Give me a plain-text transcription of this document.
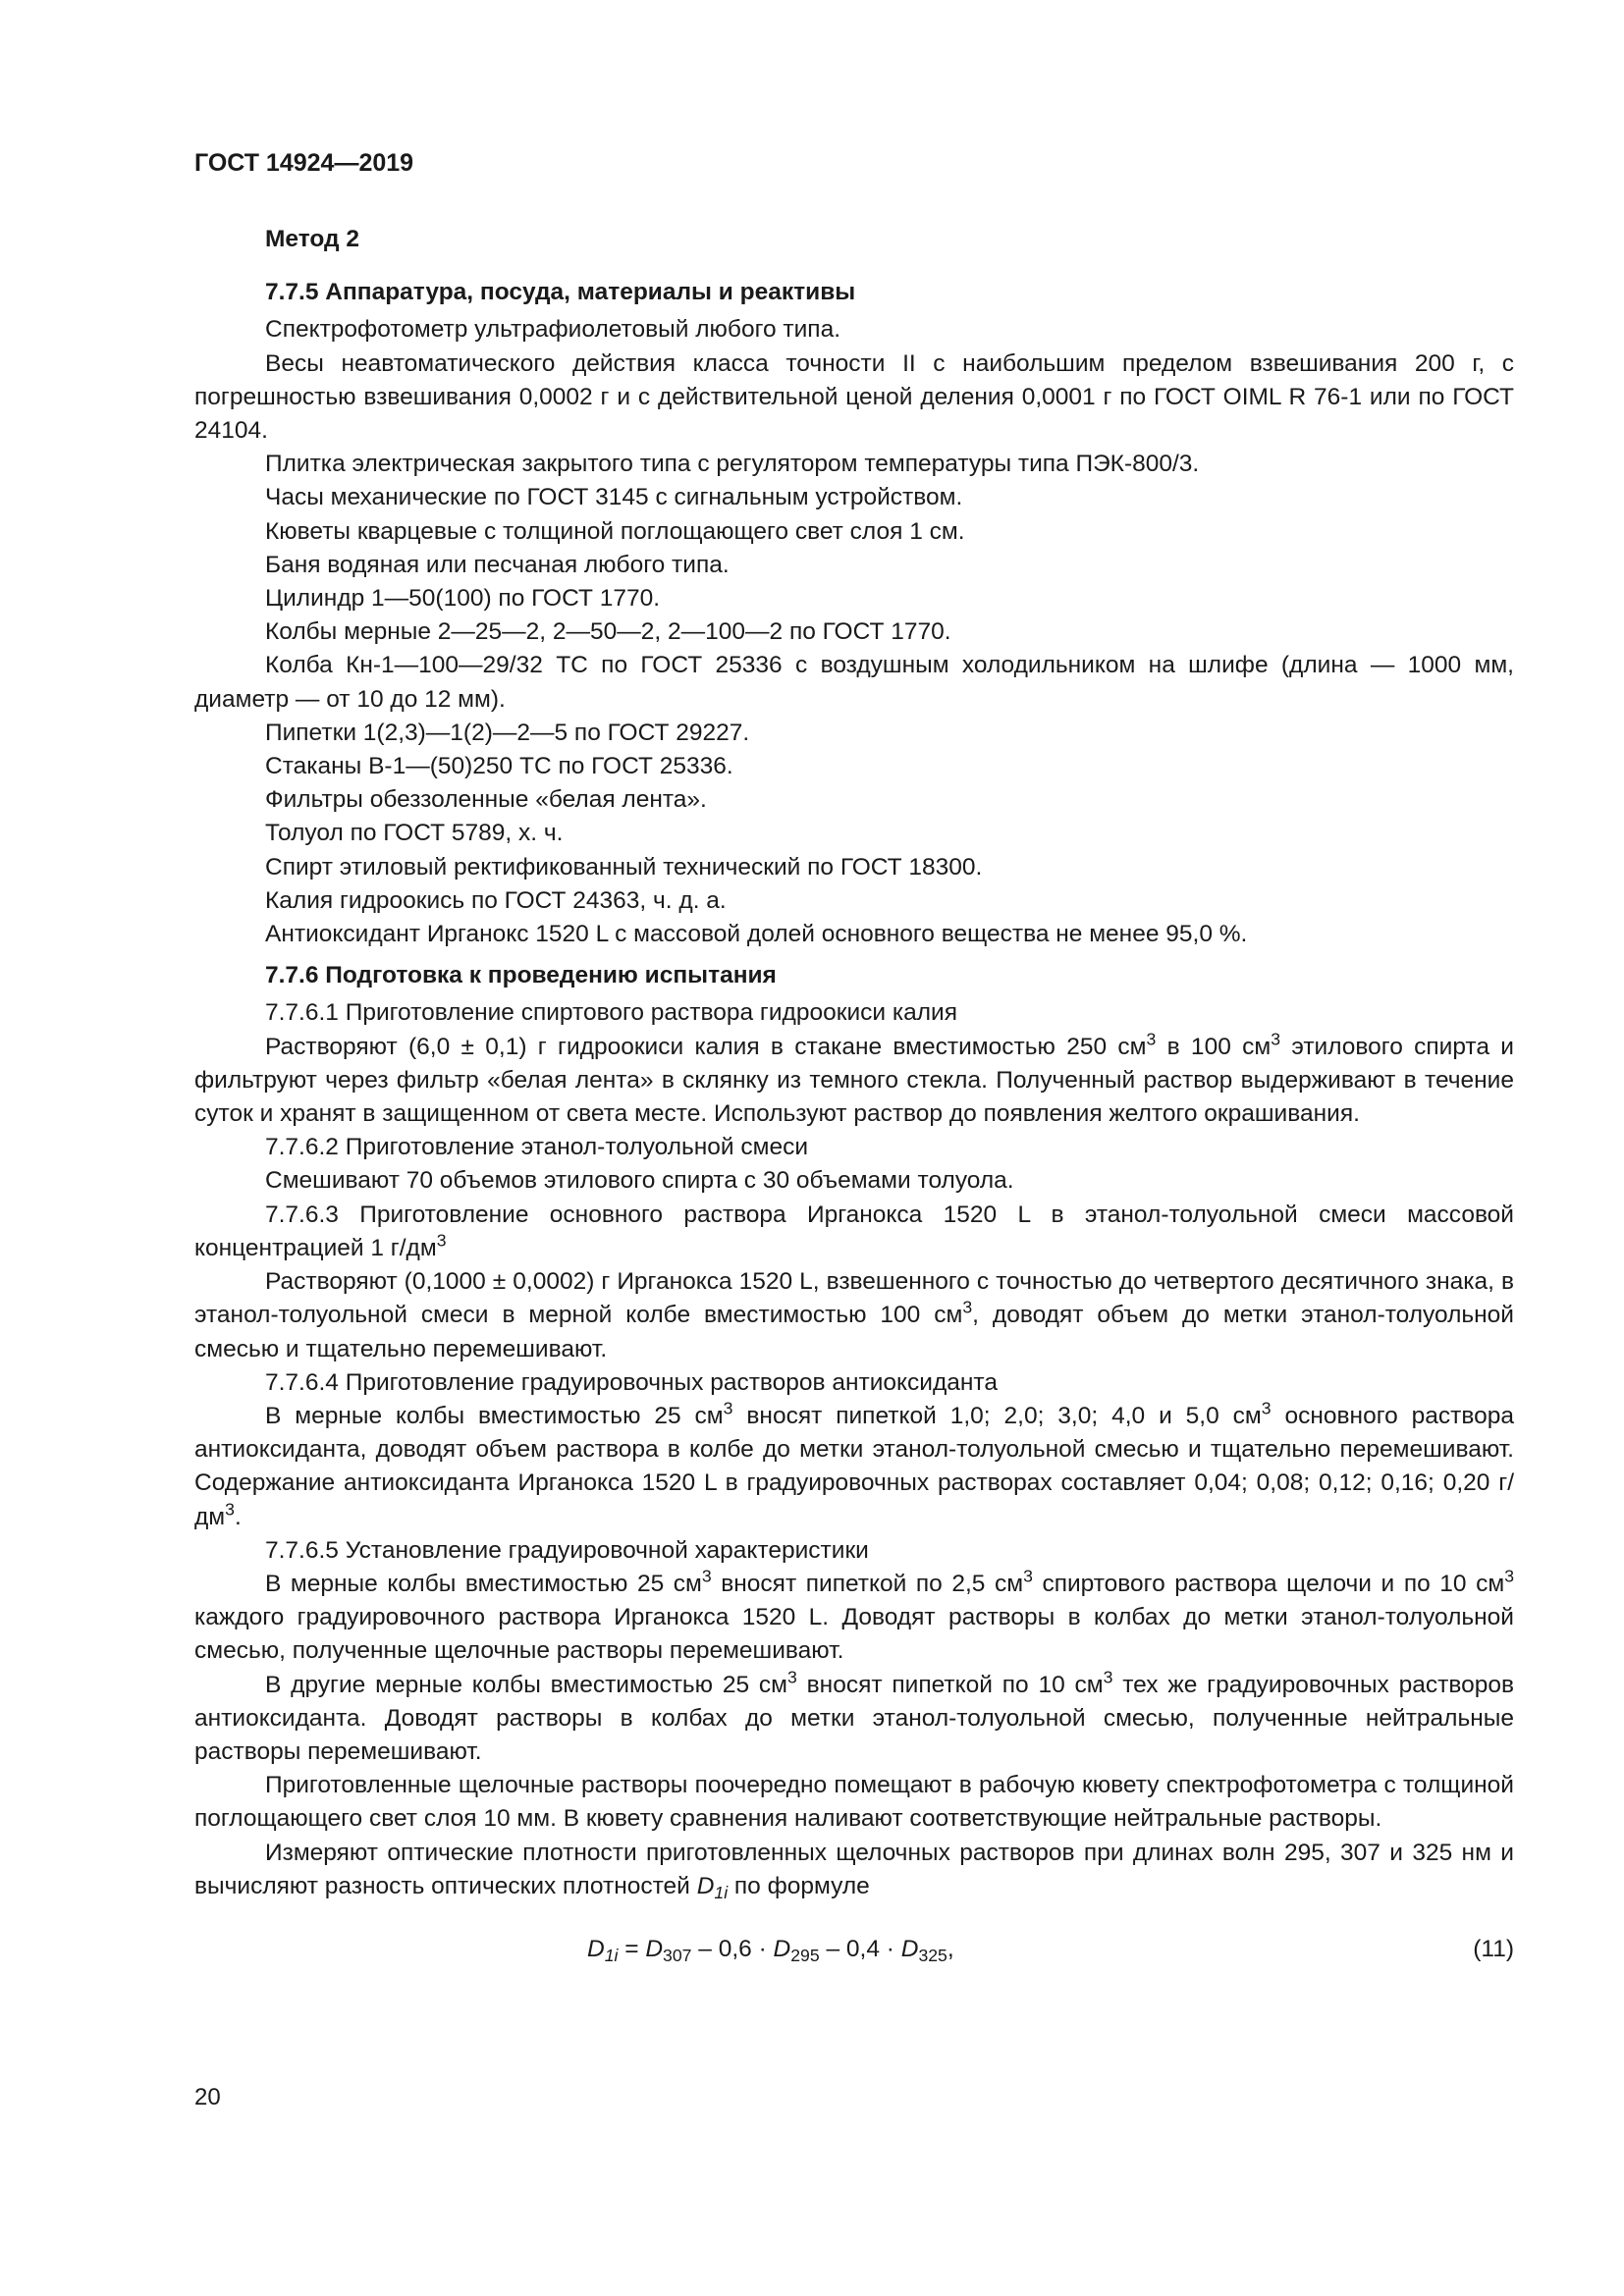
ГОСТ 14924—2019
Метод 2
7.7.5 Аппаратура, посуда, материалы и реактивы

Спектрофотометр ультрафиолетовый любого типа.

Весы неавтоматического действия класса точности II с наибольшим пределом взвешивания 200 г, с погрешностью взвешивания 0,0002 г и с действительной ценой деления 0,0001 г по ГОСТ OIML R 76-1 или по ГОСТ 24104.

Плитка электрическая закрытого типа с регулятором температуры типа ПЭК-800/3.

Часы механические по ГОСТ 3145 с сигнальным устройством.

Кюветы кварцевые с толщиной поглощающего свет слоя 1 см.

Баня водяная или песчаная любого типа.

Цилиндр 1—50(100) по ГОСТ 1770.

Колбы мерные 2—25—2, 2—50—2, 2—100—2 по ГОСТ 1770.

Колба Кн-1—100—29/32 ТС по ГОСТ 25336 с воздушным холодильником на шлифе (длина — 1000 мм, диаметр — от 10 до 12 мм).

Пипетки 1(2,3)—1(2)—2—5 по ГОСТ 29227.

Стаканы В-1—(50)250 ТС по ГОСТ 25336.

Фильтры обеззоленные «белая лента».

Толуол по ГОСТ 5789, х. ч.

Спирт этиловый ректификованный технический по ГОСТ 18300.

Калия гидроокись по ГОСТ 24363, ч. д. а.

Антиоксидант Ирганокс 1520 L с массовой долей основного вещества не менее 95,0 %.

7.7.6 Подготовка к проведению испытания

7.7.6.1 Приготовление спиртового раствора гидроокиси калия

Растворяют (6,0 ± 0,1) г гидроокиси калия в стакане вместимостью 250 $см^3$ в 100 $см^3$ этилового спирта и фильтруют через фильтр «белая лента» в склянку из темного стекла. Полученный раствор выдерживают в течение суток и хранят в защищенном от света месте. Используют раствор до появления желтого окрашивания.

7.7.6.2 Приготовление этанол-толуольной смеси

Смешивают 70 объемов этилового спирта с 30 объемами толуола.

7.7.6.3 Приготовление основного раствора Ирганокса 1520 L в этанол-толуольной смеси массовой концентрацией 1 $г/дм^3$

Растворяют (0,1000 ± 0,0002) г Ирганокса 1520 L, взвешенного с точностью до четвертого десятичного знака, в этанол-толуольной смеси в мерной колбе вместимостью 100 $см^3$, доводят объем до метки этанол-толуольной смесью и тщательно перемешивают.

7.7.6.4 Приготовление градуировочных растворов антиоксиданта

В мерные колбы вместимостью 25 $см^3$ вносят пипеткой 1,0; 2,0; 3,0; 4,0 и 5,0 $см^3$ основного раствора антиоксиданта, доводят объем раствора в колбе до метки этанол-толуольной смесью и тщательно перемешивают. Содержание антиоксиданта Ирганокса 1520 L в градуировочных растворах составляет 0,04; 0,08; 0,12; 0,16; 0,20 $г/дм^3$.

7.7.6.5 Установление градуировочной характеристики

В мерные колбы вместимостью 25 $см^3$ вносят пипеткой по 2,5 $см^3$ спиртового раствора щелочи и по 10 $см^3$ каждого градуировочного раствора Ирганокса 1520 L. Доводят растворы в колбах до метки этанол-толуольной смесью, полученные щелочные растворы перемешивают.

В другие мерные колбы вместимостью 25 $см^3$ вносят пипеткой по 10 $см^3$ тех же градуировочных растворов антиоксиданта. Доводят растворы в колбах до метки этанол-толуольной смесью, полученные нейтральные растворы перемешивают.

Приготовленные щелочные растворы поочередно помещают в рабочую кювету спектрофотометра с толщиной поглощающего свет слоя 10 мм. В кювету сравнения наливают соответствующие нейтральные растворы.

Измеряют оптические плотности приготовленных щелочных растворов при длинах волн 295, 307 и 325 нм и вычисляют разность оптических плотностей $D_{1i}$ по формуле

$D_{1i} = D_{307} - 0,6 \cdot D_{295} - 0,4 \cdot D_{325}$,	(11)
20
